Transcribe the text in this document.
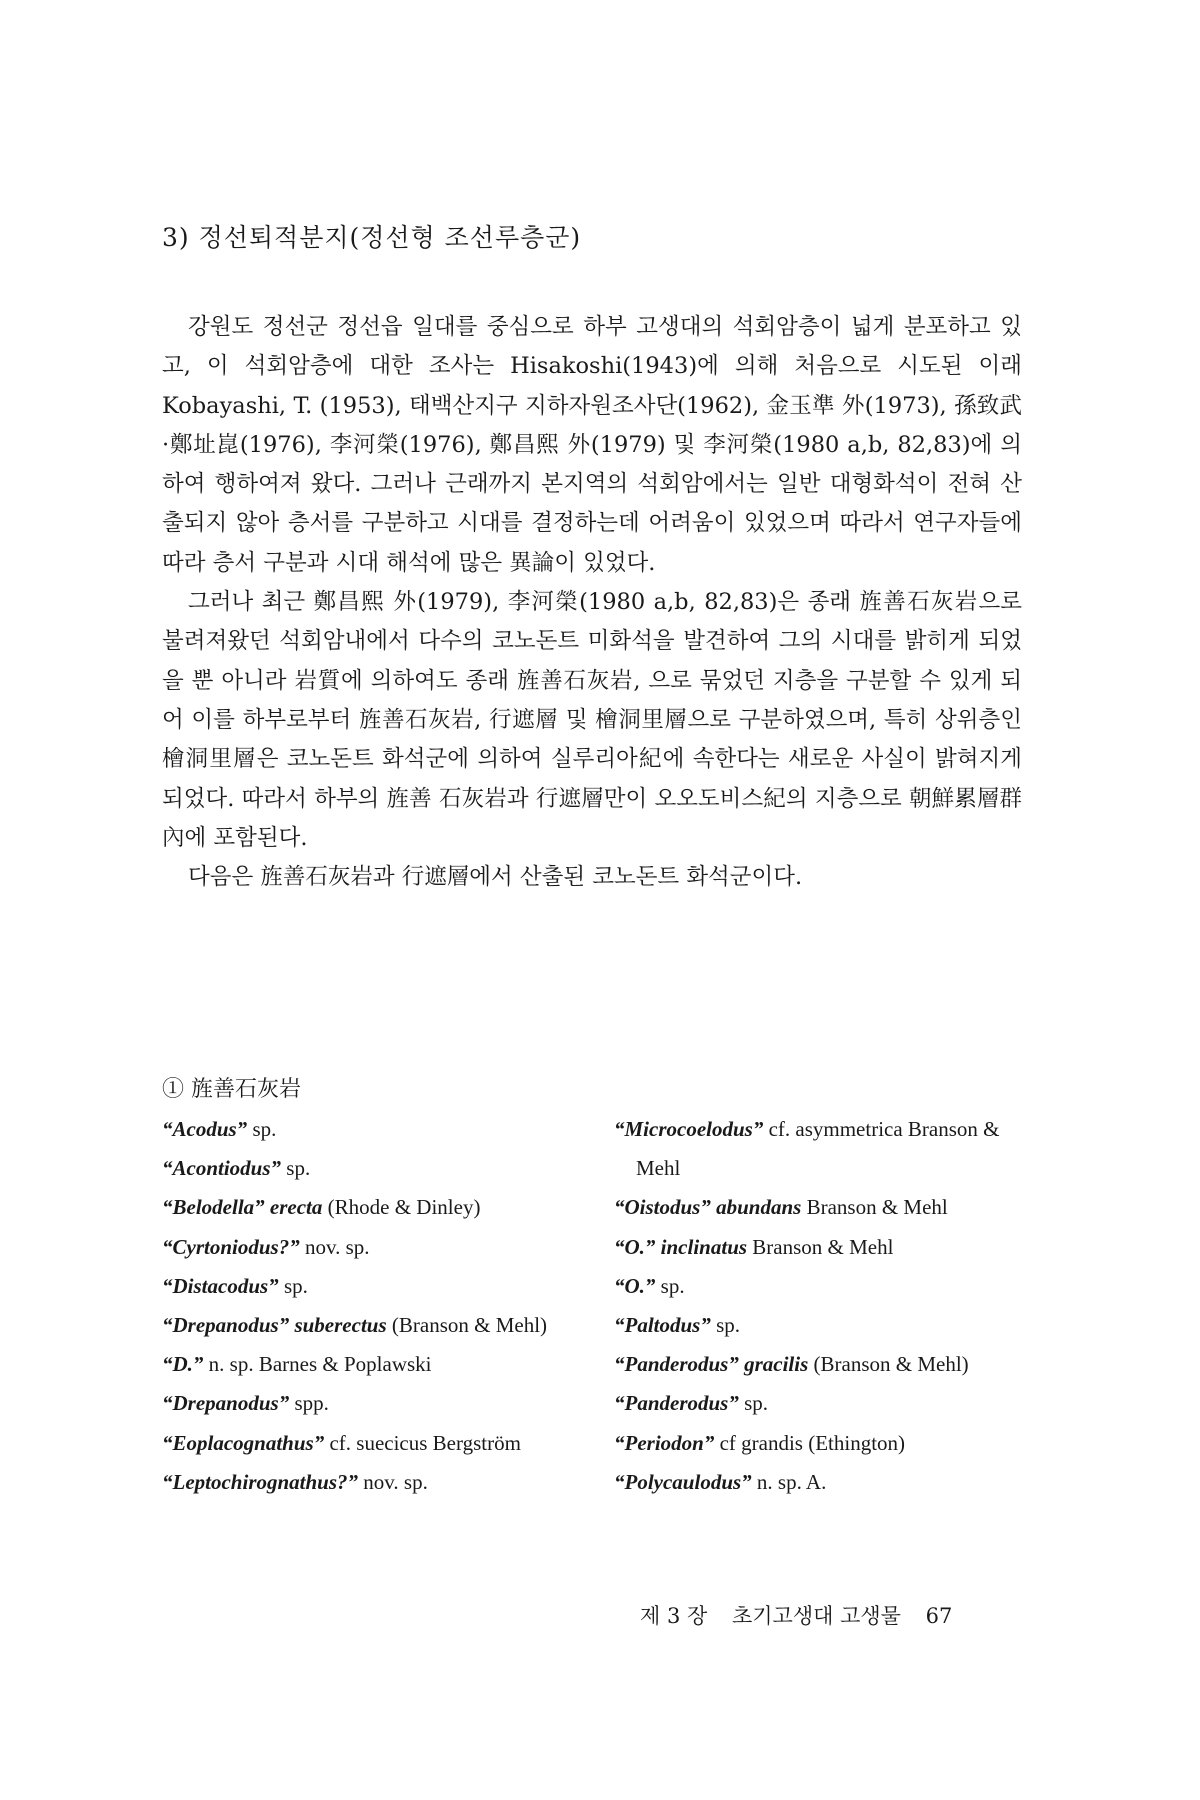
3) 정선퇴적분지(정선형 조선루층군)

강원도 정선군 정선읍 일대를 중심으로 하부 고생대의 석회암층이 넓게 분포하고 있고, 이 석회암층에 대한 조사는 Hisakoshi(1943)에 의해 처음으로 시도된 이래 Kobayashi, T. (1953), 태백산지구 지하자원조사단(1962), 金玉準 外(1973), 孫致武·鄭址崑(1976), 李河榮(1976), 鄭昌熙 外(1979) 및 李河榮(1980 a,b, 82,83)에 의하여 행하여져 왔다. 그러나 근래까지 본지역의 석회암에서는 일반 대형화석이 전혀 산출되지 않아 층서를 구분하고 시대를 결정하는데 어려움이 있었으며 따라서 연구자들에 따라 층서 구분과 시대 해석에 많은 異論이 있었다.

그러나 최근 鄭昌熙 外(1979), 李河榮(1980 a,b, 82,83)은 종래 旌善石灰岩으로 불려져왔던 석회암내에서 다수의 코노돈트 미화석을 발견하여 그의 시대를 밝히게 되었을 뿐 아니라 岩質에 의하여도 종래 旌善石灰岩, 으로 묶었던 지층을 구분할 수 있게 되어 이를 하부로부터 旌善石灰岩, 行遮層 및 檜洞里層으로 구분하였으며, 특히 상위층인 檜洞里層은 코노돈트 화석군에 의하여 실루리아紀에 속한다는 새로운 사실이 밝혀지게 되었다. 따라서 하부의 旌善 石灰岩과 行遮層만이 오오도비스紀의 지층으로 朝鮮累層群內에 포함된다.

다음은 旌善石灰岩과 行遮層에서 산출된 코노돈트 화석군이다.

① 旌善石灰岩
“Acodus” sp.
“Acontiodus” sp.
“Belodella” erecta (Rhode & Dinley)
“Cyrtoniodus?” nov. sp.
“Distacodus” sp.
“Drepanodus” suberectus (Branson & Mehl)
“D.” n. sp. Barnes & Poplawski
“Drepanodus” spp.
“Eoplacognathus” cf. suecicus Bergström
“Leptochirognathus?” nov. sp.
“Microcoelodus” cf. asymmetrica Branson & Mehl
“Oistodus” abundans Branson & Mehl
“O.” inclinatus Branson & Mehl
“O.” sp.
“Paltodus” sp.
“Panderodus” gracilis (Branson & Mehl)
“Panderodus” sp.
“Periodon” cf grandis (Ethington)
“Polycaulodus” n. sp. A.
제 3 장 초기고생대 고생물 67
